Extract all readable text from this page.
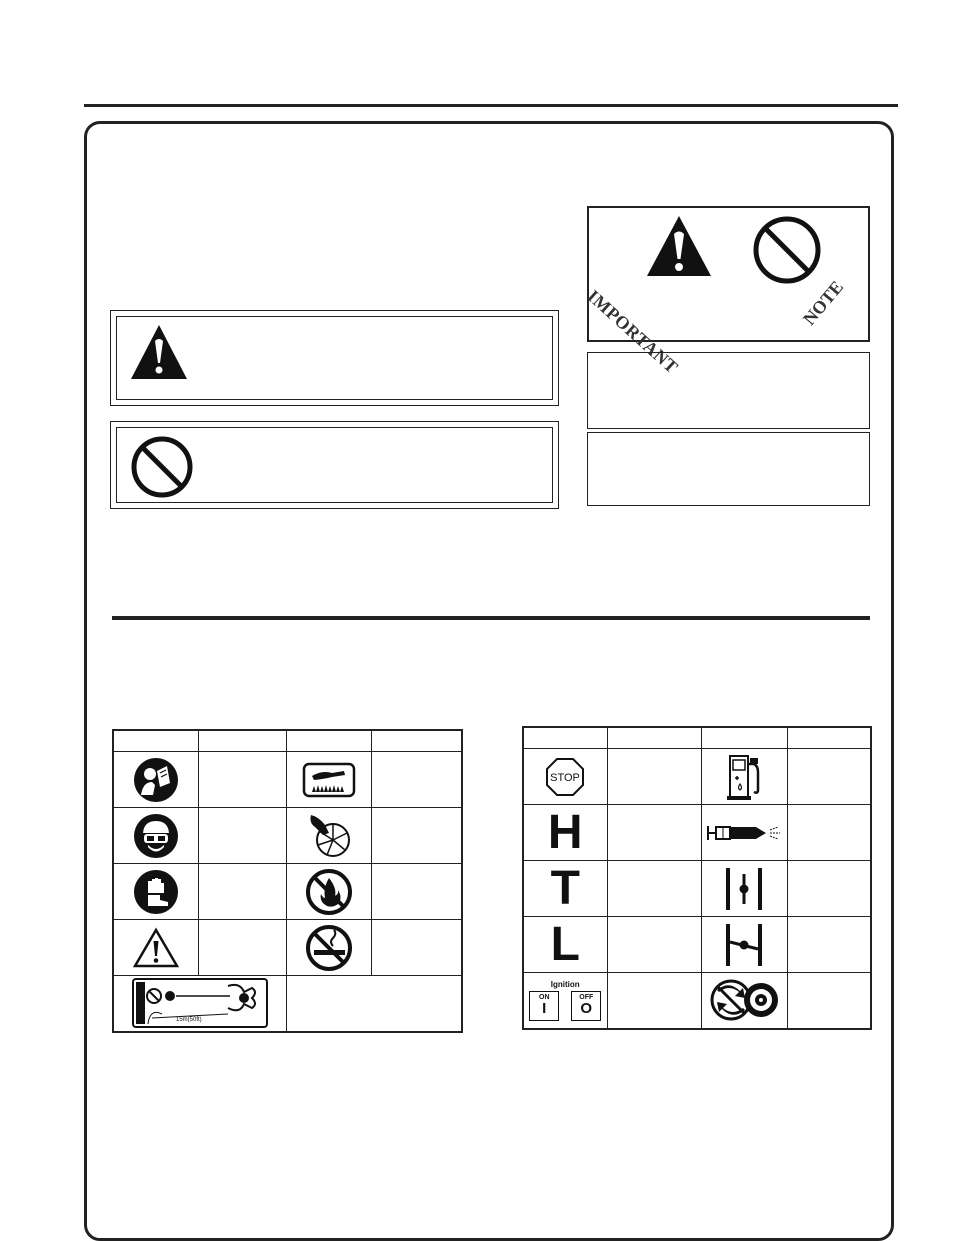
IMPORTANT	NOTE

15m(50ft)			

STOP

H		

T		

L		

Ignition
ON
I
OFF
O
